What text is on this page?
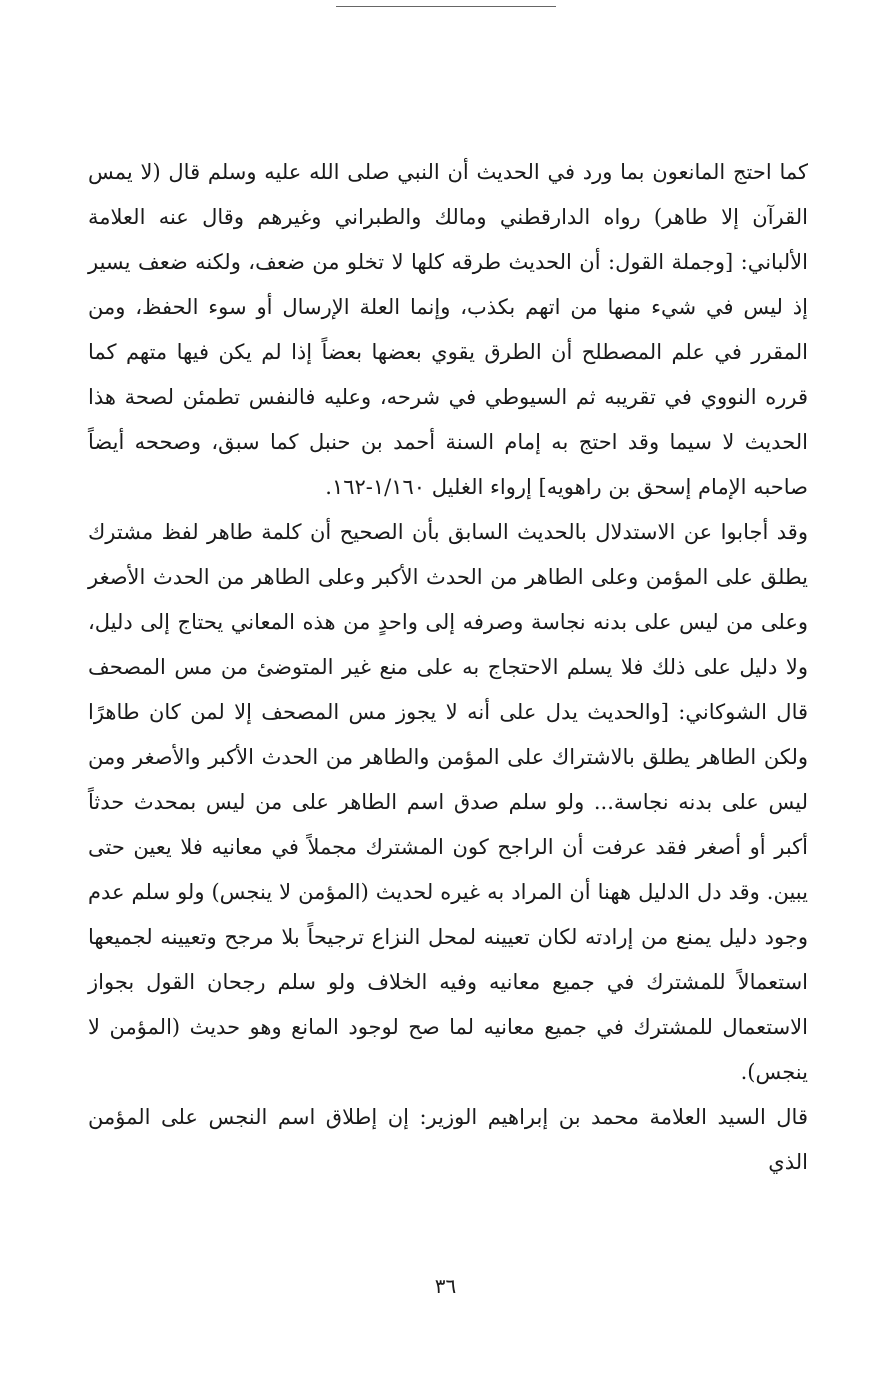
كما احتج المانعون بما ورد في الحديث أن النبي صلى الله عليه وسلم قال (لا يمس القرآن إلا طاهر) رواه الدارقطني ومالك والطبراني وغيرهم وقال عنه العلامة الألباني: [وجملة القول: أن الحديث طرقه كلها لا تخلو من ضعف، ولكنه ضعف يسير إذ ليس في شيء منها من اتهم بكذب، وإنما العلة الإرسال أو سوء الحفظ، ومن المقرر في علم المصطلح أن الطرق يقوي بعضها بعضاً إذا لم يكن فيها متهم كما قرره النووي في تقريبه ثم السيوطي في شرحه، وعليه فالنفس تطمئن لصحة هذا الحديث لا سيما وقد احتج به إمام السنة أحمد بن حنبل كما سبق، وصححه أيضاً صاحبه الإمام إسحق بن راهويه] إرواء الغليل ١/١٦٠-١٦٢.

وقد أجابوا عن الاستدلال بالحديث السابق بأن الصحيح أن كلمة طاهر لفظ مشترك يطلق على المؤمن وعلى الطاهر من الحدث الأكبر وعلى الطاهر من الحدث الأصغر وعلى من ليس على بدنه نجاسة وصرفه إلى واحدٍ من هذه المعاني يحتاج إلى دليل، ولا دليل على ذلك فلا يسلم الاحتجاج به على منع غير المتوضئ من مس المصحف قال الشوكاني: [والحديث يدل على أنه لا يجوز مس المصحف إلا لمن كان طاهرًا ولكن الطاهر يطلق بالاشتراك على المؤمن والطاهر من الحدث الأكبر والأصغر ومن ليس على بدنه نجاسة... ولو سلم صدق اسم الطاهر على من ليس بمحدث حدثاً أكبر أو أصغر فقد عرفت أن الراجح كون المشترك مجملاً في معانيه فلا يعين حتى يبين. وقد دل الدليل ههنا أن المراد به غيره لحديث (المؤمن لا ينجس) ولو سلم عدم وجود دليل يمنع من إرادته لكان تعيينه لمحل النزاع ترجيحاً بلا مرجح وتعيينه لجميعها استعمالاً للمشترك في جميع معانيه وفيه الخلاف ولو سلم رجحان القول بجواز الاستعمال للمشترك في جميع معانيه لما صح لوجود المانع وهو حديث (المؤمن لا ينجس).

قال السيد العلامة محمد بن إبراهيم الوزير: إن إطلاق اسم النجس على المؤمن الذي

٣٦
